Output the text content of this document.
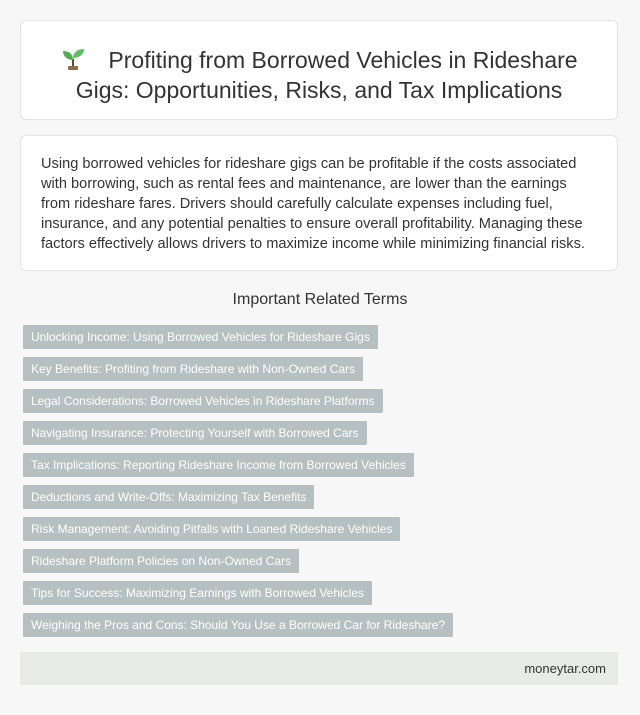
Profiting from Borrowed Vehicles in Rideshare Gigs: Opportunities, Risks, and Tax Implications

Using borrowed vehicles for rideshare gigs can be profitable if the costs associated with borrowing, such as rental fees and maintenance, are lower than the earnings from rideshare fares. Drivers should carefully calculate expenses including fuel, insurance, and any potential penalties to ensure overall profitability. Managing these factors effectively allows drivers to maximize income while minimizing financial risks.

Important Related Terms
Unlocking Income: Using Borrowed Vehicles for Rideshare Gigs
Key Benefits: Profiting from Rideshare with Non-Owned Cars
Legal Considerations: Borrowed Vehicles in Rideshare Platforms
Navigating Insurance: Protecting Yourself with Borrowed Cars
Tax Implications: Reporting Rideshare Income from Borrowed Vehicles
Deductions and Write-Offs: Maximizing Tax Benefits
Risk Management: Avoiding Pitfalls with Loaned Rideshare Vehicles
Rideshare Platform Policies on Non-Owned Cars
Tips for Success: Maximizing Earnings with Borrowed Vehicles
Weighing the Pros and Cons: Should You Use a Borrowed Car for Rideshare?
moneytar.com
